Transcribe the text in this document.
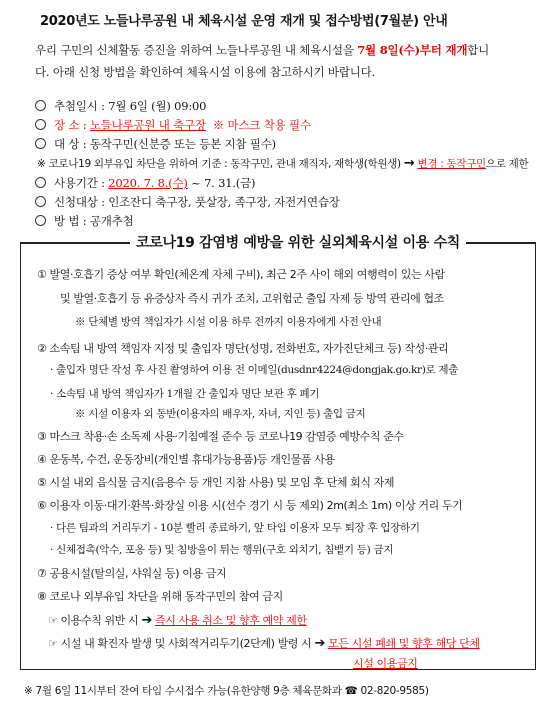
2020년도 노들나루공원 내 체육시설 운영 재개 및 접수방법(7월분) 안내
우리 구민의 신체활동 증진을 위하여 노들나루공원 내 체육시설을 7월 8일(수)부터 재개합니
다. 아래 신청 방법을 확인하여 체육시설 이용에 참고하시기 바랍니다.
추첨일시 : 7월 6일 (월) 09:00
장 소 : 노들나루공원 내 축구장 ※ 마스크 착용 필수
대 상 : 동작구민(신분증 또는 등본 지참 필수)
※ 코로나19 외부유입 차단을 위하여 기준 : 동작구민, 관내 재직자, 재학생(학원생) → 변경 : 동작구민으로 제한
사용기간 : 2020. 7. 8.(수) ~ 7. 31.(금)
신청대상 : 인조잔디 축구장, 풋살장, 족구장, 자전거연습장
방 법 : 공개추첨
코로나19 감염병 예방을 위한 실외체육시설 이용 수칙
① 발열·호흡기 증상 여부 확인(체온계 자체 구비), 최근 2주 사이 해외 여행력이 있는 사람
및 발열·호흡기 등 유증상자 즉시 귀가 조치, 고위험군 출입 자제 등 방역 관리에 협조
※ 단체별 방역 책임자가 시설 이용 하루 전까지 이용자에게 사전 안내
② 소속팀 내 방역 책임자 지정 및 출입자 명단(성명, 전화번호, 자가진단체크 등) 작성·관리
· 출입자 명단 작성 후 사진 촬영하여 이용 전 이메일(dusdnr4224@dongjak.go.kr)로 제출
· 소속팀 내 방역 책임자가 1개월 간 출입자 명단 보관 후 폐기
※ 시설 이용자 외 동반(이용자의 배우자, 자녀, 지인 등) 출입 금지
③ 마스크 착용·손 소독제 사용·기침예절 준수 등 코로나19 감염증 예방수칙 준수
④ 운동복, 수건, 운동장비(개인별 휴대가능용품)등 개인물품 사용
⑤ 시설 내외 음식물 금지(음용수 등 개인 지참 사용) 및 모임 후 단체 회식 자제
⑥ 이용자 이동·대기·환복·화장실 이용 시(선수 경기 시 등 제외) 2m(최소 1m) 이상 거리 두기
· 다른 팀과의 거리두기 - 10분 빨리 종료하기, 앞 타임 이용자 모두 퇴장 후 입장하기
· 신체접촉(악수, 포옹 등) 및 침방울이 튀는 행위(구호 외치기, 침뱉기 등) 금지
⑦ 공용시설(탈의실, 샤워실 등) 이용 금지
⑧ 코로나 외부유입 차단을 위해 동작구민의 참여 금지
☞ 이용수칙 위반 시 ➔ 즉시 사용 취소 및 향후 예약 제한
☞ 시설 내 확진자 발생 및 사회적거리두기(2단계) 발령 시 ➔ 모든 시설 폐쇄 및 향후 해당 단체
시설 이용금지
※ 7월 6일 11시부터 잔여 타임 수시접수 가능(유한양행 9층 체육문화과 ☎ 02-820-9585)
